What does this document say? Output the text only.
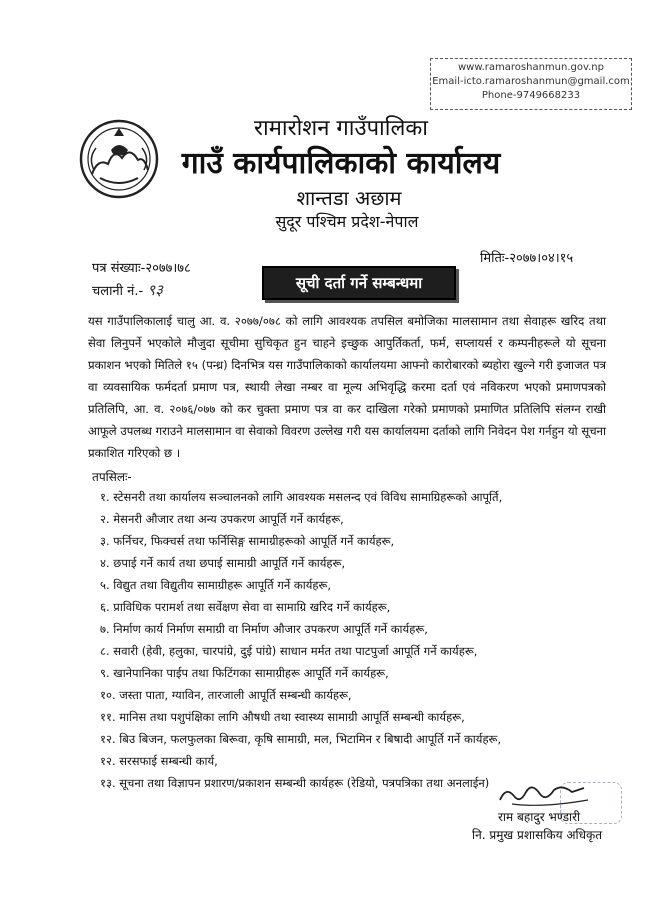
www.ramaroshanmun.gov.np
Email-icto.ramaroshanmun@gmail.com
Phone-9749668233
रामारोशन गाउँपालिका
गाउँ कार्यपालिकाको कार्यालय
शान्तडा अछाम
सुदूर पश्चिम प्रदेश-नेपाल
पत्र संख्याः-२०७७।७८
चलानी नं.- ९३
मितिः-२०७७।०४।१५
सूची दर्ता गर्ने सम्बन्धमा
यस गाउँपालिकालाई चालु आ. व. २०७७/०७८ को लागि आवश्यक तपसिल बमोजिका मालसामान तथा सेवाहरू खरिद तथा सेवा लिनुपर्ने भएकोले मौजुदा सूचीमा सुचिकृत हुन चाहने इच्छुक आपुर्तिकर्ता, फर्म, सप्लायर्स र कम्पनीहरूले यो सूचना प्रकाशन भएको मितिले १५ (पन्ध्र) दिनभित्र यस गाउँपालिकाको कार्यालयमा आफ्नो कारोबारको ब्यहोरा खुल्ने गरी इजाजत पत्र वा व्यवसायिक फर्मदर्ता प्रमाण पत्र, स्थायी लेखा नम्बर वा मूल्य अभिवृद्धि करमा दर्ता एवं नविकरण भएको प्रमाणपत्रको प्रतिलिपि, आ. व. २०७६/०७७ को कर चुक्ता प्रमाण पत्र वा कर दाखिला गरेको प्रमाणको प्रमाणित प्रतिलिपि संलग्न राखी आफूले उपलब्ध गराउने मालसामान वा सेवाको विवरण उल्लेख गरी यस कार्यालयमा दर्ताको लागि निवेदन पेश गर्नहुन यो सूचना प्रकाशित गरिएको छ ।
तपसिलः-
१. स्टेसनरी तथा कार्यालय सञ्चालनको लागि आवश्यक मसलन्द एवं विविध सामाग्रिहरूको आपूर्ति,
२. मेसनरी औजार तथा अन्य उपकरण आपूर्ति गर्ने कार्यहरू,
३. फर्निचर, फिक्चर्स तथा फर्निसिङ्ग सामाग्रीहरूको आपूर्ति गर्ने कार्यहरू,
४. छपाई गर्ने कार्य तथा छपाई सामाग्री आपूर्ति गर्ने कार्यहरू,
५. विद्युत तथा विद्युतीय सामाग्रीहरू आपूर्ति गर्ने कार्यहरू,
६. प्राविधिक परामर्श तथा सर्वेक्षण सेवा वा सामाग्रि खरिद गर्ने कार्यहरू,
७. निर्माण कार्य निर्माण समाग्री वा निर्माण औजार उपकरण आपूर्ति गर्ने कार्यहरू,
८. सवारी (हेवी, हलुका, चारपांग्रे, दुई पांग्रे) साधान मर्मत तथा पाटपुर्जा आपूर्ति गर्ने कार्यहरू,
९. खानेपानिका पाईप तथा फिटिंगका सामाग्रीहरू आपूर्ति गर्ने कार्यहरू,
१०. जस्ता पाता, ग्याविन, तारजाली आपूर्ति सम्बन्धी कार्यहरू,
११. मानिस तथा पशुपंक्षिका लागि औषधी तथा स्वास्थ्य सामाग्री आपूर्ति सम्बन्धी कार्यहरू,
१२. बिउ बिजन, फलफुलका बिरूवा, कृषि सामाग्री, मल, भिटामिन र बिषादी आपूर्ति गर्ने कार्यहरू,
१२. सरसफाई सम्बन्धी कार्य,
१३. सूचना तथा विज्ञापन प्रशारण/प्रकाशन सम्बन्धी कार्यहरू (रेडियो, पत्रपत्रिका तथा अनलाईन)
राम बहादुर भण्डारी
नि. प्रमुख प्रशासकिय अधिकृत
